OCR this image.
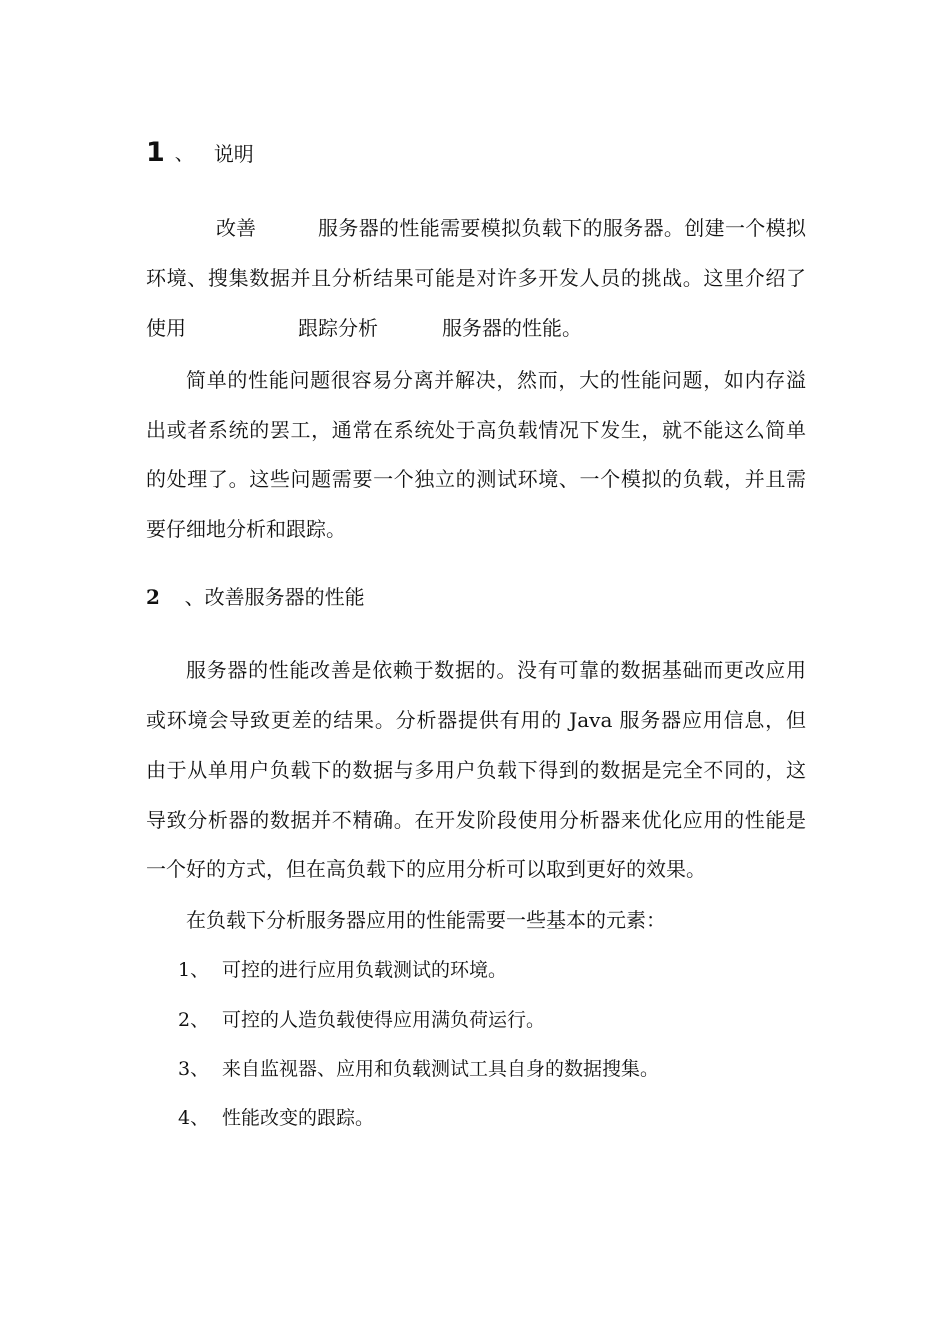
1 、 说明
改善	服务器的性能需要模拟负载下的服务器。创建一个模拟
环境、搜集数据并且分析结果可能是对许多开发人员的挑战。这里介绍了
使用	跟踪分析	服务器的性能。
简单的性能问题很容易分离并解决，然而，大的性能问题，如内存溢
出或者系统的罢工，通常在系统处于高负载情况下发生，就不能这么简单
的处理了。这些问题需要一个独立的测试环境、一个模拟的负载，并且需
要仔细地分析和跟踪。
2 、改善服务器的性能
服务器的性能改善是依赖于数据的。没有可靠的数据基础而更改应用
或环境会导致更差的结果。分析器提供有用的 Java 服务器应用信息，但
由于从单用户负载下的数据与多用户负载下得到的数据是完全不同的，这
导致分析器的数据并不精确。在开发阶段使用分析器来优化应用的性能是
一个好的方式，但在高负载下的应用分析可以取到更好的效果。
在负载下分析服务器应用的性能需要一些基本的元素：
1、 可控的进行应用负载测试的环境。
2、 可控的人造负载使得应用满负荷运行。
3、 来自监视器、应用和负载测试工具自身的数据搜集。
4、 性能改变的跟踪。
